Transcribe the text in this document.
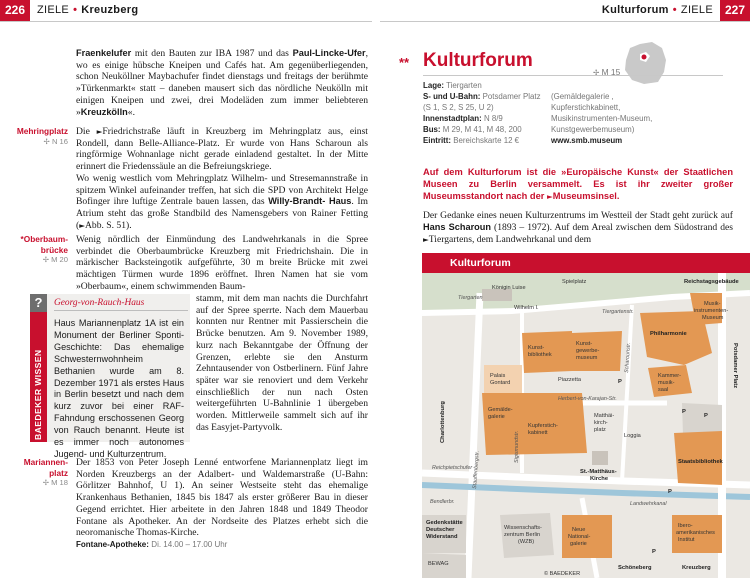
226	ZIELE • Kreuzberg	Kulturforum • ZIELE 227

Fraenkelufer mit den Bauten zur IBA 1987 und das Paul-Lincke-Ufer, wo es einige hübsche Kneipen und Cafés hat. Am gegenüberliegenden, schon Neuköllner Maybachufer findet dienstags und freitags der berühmte »Türkenmarkt« statt – daneben mausert sich das nördliche Neukölln mit einigen Kneipen und zwei, drei Modeläden zum immer beliebteren »Kreuzkölln«.

Mehringplatz
✢ N 16

Die ►Friedrichstraße läuft in Kreuzberg im Mehringplatz aus, einst Rondell, dann Belle-Alliance-Platz. Er wurde von Hans Scharoun als ringförmige Wohnanlage nicht gerade einladend gestaltet. In der Mitte erinnert die Friedenssäule an die Befreiungskriege.
Wo wenig westlich vom Mehringplatz Wilhelm- und Stresemannstraße in spitzem Winkel aufeinander treffen, hat sich die SPD von Architekt Helge Bofinger ihre luftige Zentrale bauen lassen, das Willy-Brandt- Haus. Im Atrium steht das große Standbild des Namensgebers von Rainer Fetting (►Abb. S. 51).

*Oberbaum-
brücke
✢ M 20

Wenig nördlich der Einmündung des Landwehrkanals in die Spree verbindet die Oberbaumbrücke Kreuzberg mit Friedrichshain. Die in märkischer Backsteingotik aufgeführte, 30 m breite Brücke mit zwei mächtigen Türmen wurde 1896 eröffnet. Ihren Namen hat sie vom »Oberbaum«, einem schwimmenden Baum-

stamm, mit dem man nachts die Durchfahrt auf der Spree sperrte. Nach dem Mauerbau konnten nur Rentner mit Passierschein die Brücke benutzen. Am 9. November 1989, kurz nach Bekanntgabe der Öffnung der Grenzen, erlebte sie den Ansturm Zehntausender von Ostberlinern. Fünf Jahre später war sie renoviert und dem Verkehr einschließlich der nun nach Osten weitergeführten U-Bahnlinie 1 übergeben worden. Mittlerweile sammelt sich auf ihr das Easyjet-Partyvolk.

?
BAEDEKER WISSEN
Georg-von-Rauch-Haus
Haus Mariannenplatz 1A ist ein Monument der Berliner Sponti-Geschichte: Das ehemalige Schwesternwohnheim Bethanien wurde am 8. Dezember 1971 als erstes Haus in Berlin besetzt und nach dem kurz zuvor bei einer RAF-Fahndung erschossenen Georg von Rauch benannt. Heute ist es immer noch autonomes Jugend- und Kulturzentrum.
Mariannen-
platz
✢ M 18

Der 1853 von Peter Joseph Lenné entworfene Mariannenplatz liegt im Norden Kreuzbergs an der Adalbert- und Waldemarstraße (U-Bahn: Görlitzer Bahnhof, U 1). An seiner Westseite steht das ehemalige Krankenhaus Bethanien, 1845 bis 1847 als erster größerer Bau in dieser Gegend errichtet. Hier arbeitete in den Jahren 1848 und 1849 Theodor Fontane als Apotheker. An der Nordseite des Platzes erhebt sich die neoromanische Thomas-Kirche.
Fontane-Apotheke: Di. 14.00 – 17.00 Uhr

** Kulturforum
✢ M 15
Lage: Tiergarten
S- und U-Bahn: Potsdamer Platz
(S 1, S 2, S 25, U 2)
Innenstadtplan: N 8/9
Bus: M 29, M 41, M 48, 200
Eintritt: Bereichskarte 12 €
(Gemäldegalerie ,
Kupferstichkabinett,
Musikinstrumenten-Museum,
Kunstgewerbemuseum)
www.smb.museum

Auf dem Kulturforum ist die »Europäische Kunst« der Staatlichen Museen zu Berlin versammelt. Es ist ihr zweiter großer Museumsstandort nach der ►Museumsinsel.

Der Gedanke eines neuen Kulturzentrums im Westteil der Stadt geht zurück auf Hans Scharoun (1893 – 1972). Auf dem Areal zwischen dem Südostrand des ►Tiergartens, dem Landwehrkanal und dem

Königin Luise
Tiergarten
Spielplatz
Wilhelm I.
Reichstagsgebäude
Musik-
instrumenten-
Museum
Philharmonie
Kunst-
bibliothek
Kunst-
gewerbe-
museum
Palais
Gontard	Piazzetta
Kammer-
musik-
saal
Gemälde-
galerie
Kupferstich-
kabinett
Matthäi-
kirch-
platz
Loggia
St.-Matthäus-
Kirche
Gedenkstätte
Deutscher
Widerstand
Wissenschafts-
zentrum Berlin
(WZB)
BEWAG
Neue
National-
galerie
Staatsbibliothek
Ibero-
amerikanisches
Institut
Schöneberg	Kreuzberg
© BAEDEKER
Charlottenburg
Potsdamer Platz
Stauffenbergstr.
Reichpietschufer
Sigismundstr.
Scharounstr.
Herbert-von-Karajan-Str.
Bendlerbr.	Landwehrkanal
Tiergartenstr.
P
P
P
P
P
Kulturforum
